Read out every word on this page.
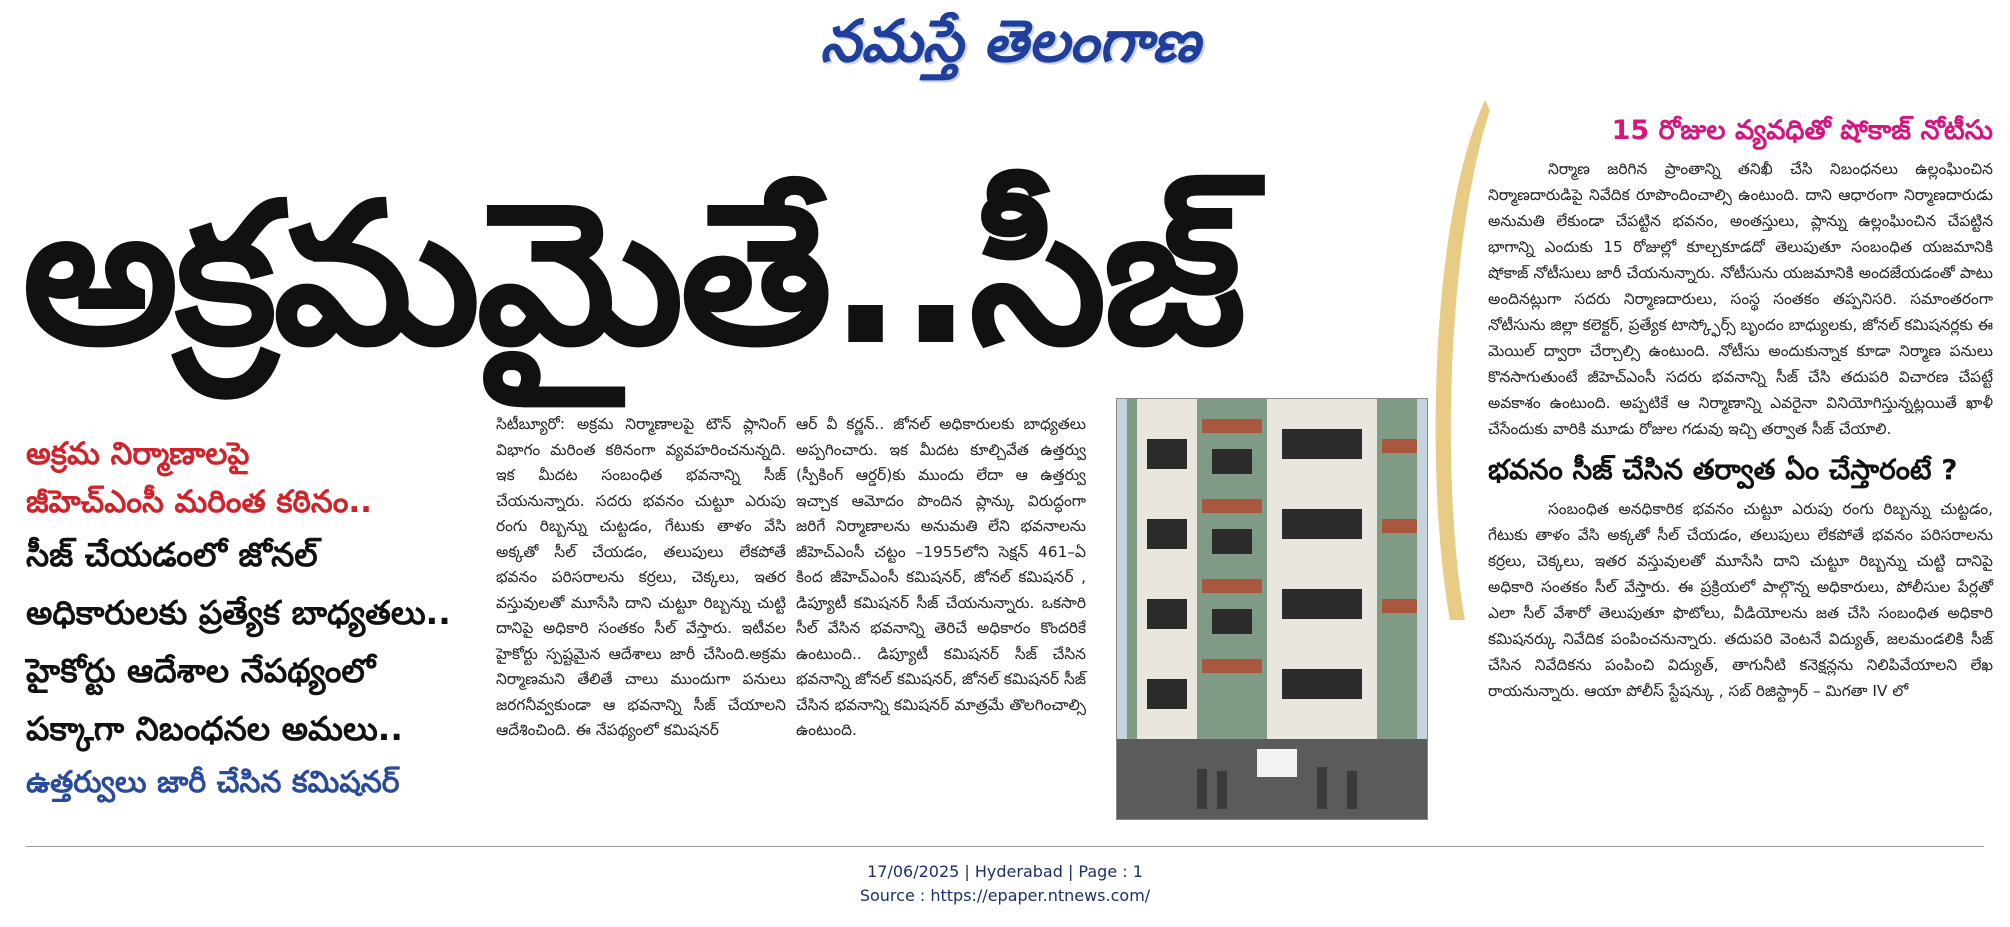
నమస్తే తెలంగాణ
అక్రమమైతే..సీజ్

అక్రమ నిర్మాణాలపై

జీహెచ్ఎంసీ మరింత కఠినం..

సీజ్ చేయడంలో జోనల్

అధికారులకు ప్రత్యేక బాధ్యతలు..

హైకోర్టు ఆదేశాల నేపథ్యంలో

పక్కాగా నిబంధనల అమలు..

ఉత్తర్వులు జారీ చేసిన కమిషనర్

సిటీబ్యూరో: అక్రమ నిర్మాణాలపై టౌన్ ప్లానింగ్ విభాగం మరింత కఠినంగా వ్యవహరించనున్నది. ఇక మీదట సంబంధిత భవనాన్ని సీజ్ చేయనున్నారు. సదరు భవనం చుట్టూ ఎరుపు రంగు రిబ్బన్ను చుట్టడం, గేటుకు తాళం వేసి అక్కతో సీల్ చేయడం, తలుపులు లేకపోతే భవనం పరిసరాలను కర్రలు, చెక్కలు, ఇతర వస్తువులతో మూసేసి దాని చుట్టూ రిబ్బన్ను చుట్టి దానిపై అధికారి సంతకం సీల్ వేస్తారు. ఇటీవల హైకోర్టు స్పష్టమైన ఆదేశాలు జారీ చేసింది.అక్రమ నిర్మాణమని తేలితే చాలు ముందుగా పనులు జరగనీవ్వకుండా ఆ భవనాన్ని సీజ్ చేయాలని ఆదేశించింది. ఈ నేపథ్యంలో కమిషనర్
ఆర్ వీ కర్ణన్.. జోనల్ అధికారులకు బాధ్యతలు అప్పగించారు. ఇక మీదట కూల్చివేత ఉత్తర్వు (స్పీకింగ్ ఆర్డర్)కు ముందు లేదా ఆ ఉత్తర్వు ఇచ్చాక ఆమోదం పొందిన ప్లాన్కు విరుద్ధంగా జరిగే నిర్మాణాలను అనుమతి లేని భవనాలను జీహెచ్ఎంసీ చట్టం –1955లోని సెక్షన్ 461–ఏ కింద జీహెచ్ఎంసీ కమిషనర్, జోనల్ కమిషనర్ , డిప్యూటీ కమిషనర్ సీజ్ చేయనున్నారు. ఒకసారి సీల్ వేసిన భవనాన్ని తెరిచే అధికారం కొందరికే ఉంటుంది.. డిప్యూటీ కమిషనర్ సీజ్ చేసిన భవనాన్ని జోనల్ కమిషనర్, జోనల్ కమిషనర్ సీజ్ చేసిన భవనాన్ని కమిషనర్ మాత్రమే తొలగించాల్సి ఉంటుంది.
15 రోజుల వ్యవధితో షోకాజ్ నోటీసు

నిర్మాణ జరిగిన ప్రాంతాన్ని తనిఖీ చేసి నిబంధనలు ఉల్లంఘించిన నిర్మాణదారుడిపై నివేదిక రూపొందించాల్సి ఉంటుంది. దాని ఆధారంగా నిర్మాణదారుడు అనుమతి లేకుండా చేపట్టిన భవనం, అంతస్తులు, ప్లాన్ను ఉల్లంఘించిన చేపట్టిన భాగాన్ని ఎందుకు 15 రోజుల్లో కూల్చకూడదో తెలుపుతూ సంబంధిత యజమానికి షోకాజ్ నోటీసులు జారీ చేయనున్నారు. నోటీసును యజమానికి అందజేయడంతో పాటు అందినట్లుగా సదరు నిర్మాణదారులు, సంస్థ సంతకం తప్పనిసరి. సమాంతరంగా నోటీసును జిల్లా కలెక్టర్, ప్రత్యేక టాస్క్ఫోర్స్ బృందం బాధ్యులకు, జోనల్ కమిషనర్లకు ఈ మెయిల్ ద్వారా చేర్చాల్సి ఉంటుంది. నోటీసు అందుకున్నాక కూడా నిర్మాణ పనులు కొనసాగుతుంటే జీహెచ్ఎంసీ సదరు భవనాన్ని సీజ్ చేసి తదుపరి విచారణ చేపట్టే అవకాశం ఉంటుంది. అప్పటికే ఆ నిర్మాణాన్ని ఎవరైనా వినియోగిస్తున్నట్లయితే ఖాళీ చేసేందుకు వారికి మూడు రోజుల గడువు ఇచ్చి తర్వాత సీజ్ చేయాలి.

భవనం సీజ్ చేసిన తర్వాత ఏం చేస్తారంటే ?

సంబంధిత అనధికారిక భవనం చుట్టూ ఎరుపు రంగు రిబ్బన్ను చుట్టడం, గేటుకు తాళం వేసి అక్కతో సీల్ చేయడం, తలుపులు లేకపోతే భవనం పరిసరాలను కర్రలు, చెక్కలు, ఇతర వస్తువులతో మూసేసి దాని చుట్టూ రిబ్బన్ను చుట్టి దానిపై అధికారి సంతకం సీల్ వేస్తారు. ఈ ప్రక్రియలో పాల్గొన్న అధికారులు, పోలీసుల పేర్లతో ఎలా సీల్ వేశారో తెలుపుతూ ఫొటోలు, వీడియోలను జత చేసి సంబంధిత అధికారి కమిషనర్కు నివేదిక పంపించనున్నారు. తదుపరి వెంటనే విద్యుత్, జలమండలికి సీజ్ చేసిన నివేదికను పంపించి విద్యుత్, తాగునీటి కనెక్షన్లను నిలిపివేయాలని లేఖ రాయనున్నారు. ఆయా పోలీస్ స్టేషన్కు , సబ్ రిజిస్ట్రార్ – మిగతా IV లో

17/06/2025 | Hyderabad | Page : 1
Source : https://epaper.ntnews.com/
